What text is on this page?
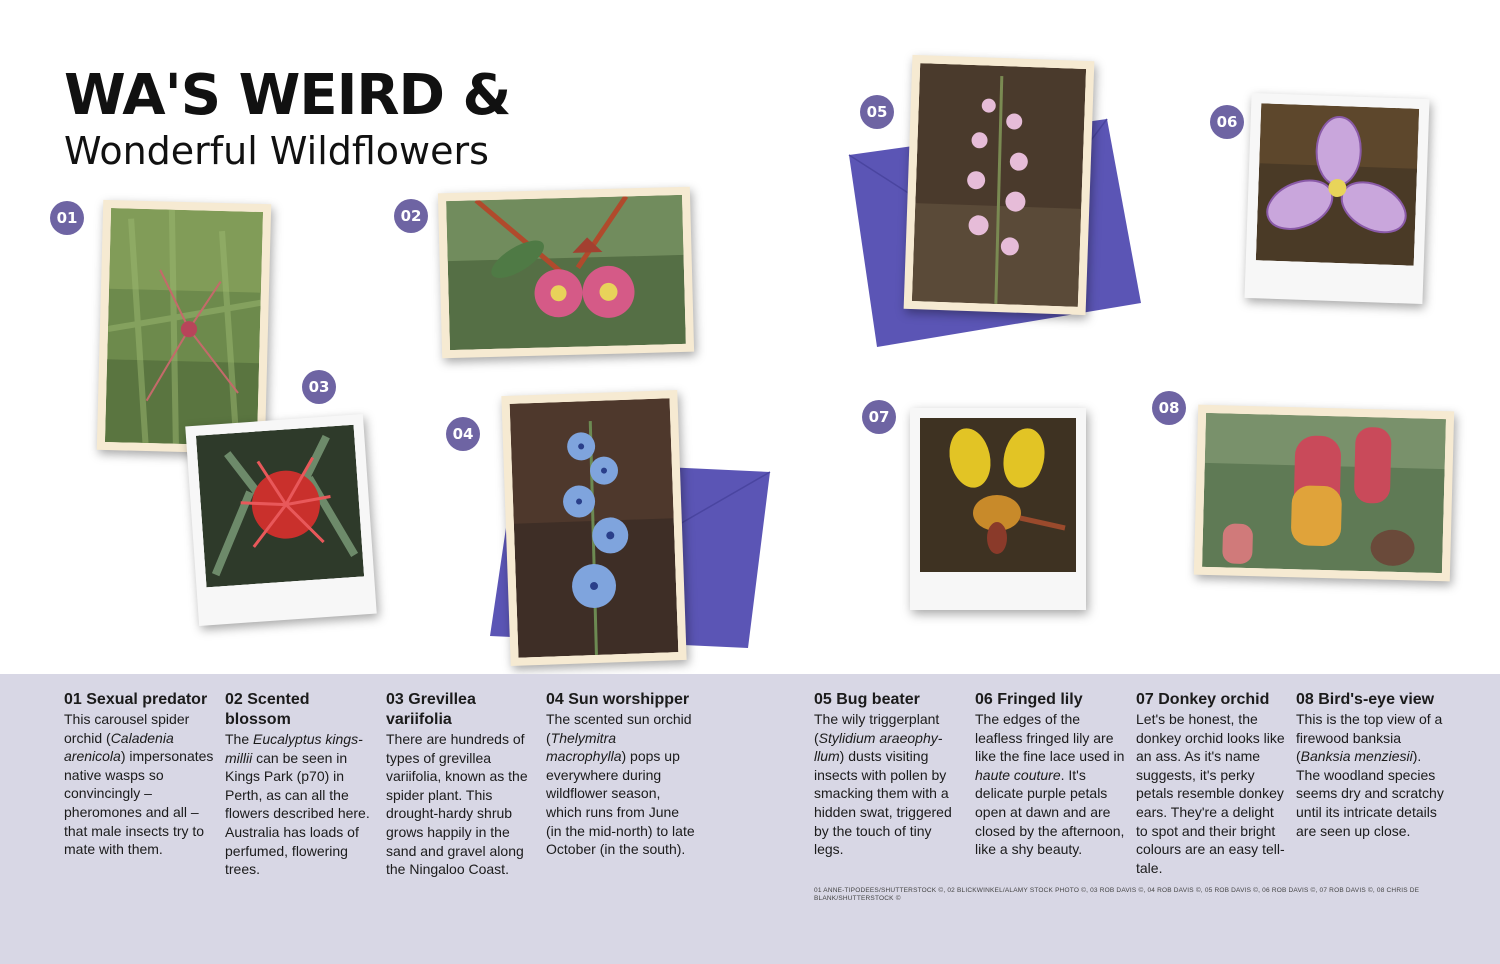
WA'S WEIRD &
Wonderful Wildflowers
01
03
02
04
05
06
07	08
01 Sexual predator
This carousel spider orchid (Caladenia arenicola) impersonates native wasps so convincingly – pheromones and all – that male insects try to mate with them.
02 Scented blossom
The Eucalyptus kingsmillii can be seen in Kings Park (p70) in Perth, as can all the flowers described here. Australia has loads of perfumed, flowering trees.
03 Grevillea variifolia
There are hundreds of types of grevillea variifolia, known as the spider plant. This drought-hardy shrub grows happily in the sand and gravel along the Ningaloo Coast.
04 Sun worshipper
The scented sun orchid (Thelymitra macrophylla) pops up everywhere during wildflower season, which runs from June (in the mid-north) to late October (in the south).
05 Bug beater
The wily triggerplant (Stylidium araeophyllum) dusts visiting insects with pollen by smacking them with a hidden swat, triggered by the touch of tiny legs.
06 Fringed lily
The edges of the leafless fringed lily are like the fine lace used in haute couture. It's delicate purple petals open at dawn and are closed by the afternoon, like a shy beauty.
07 Donkey orchid
Let's be honest, the donkey orchid looks like an ass. As it's name suggests, it's perky petals resemble donkey ears. They're a delight to spot and their bright colours are an easy tell-tale.
08 Bird's-eye view
This is the top view of a firewood banksia (Banksia menziesii). The woodland species seems dry and scratchy until its intricate details are seen up close.
01 ANNE-TIPODEES/SHUTTERSTOCK ©, 02 BLICKWINKEL/ALAMY STOCK PHOTO ©, 03 ROB DAVIS ©, 04 ROB DAVIS ©, 05 ROB DAVIS ©, 06 ROB DAVIS ©, 07 ROB DAVIS ©, 08 CHRIS DE BLANK/SHUTTERSTOCK ©
